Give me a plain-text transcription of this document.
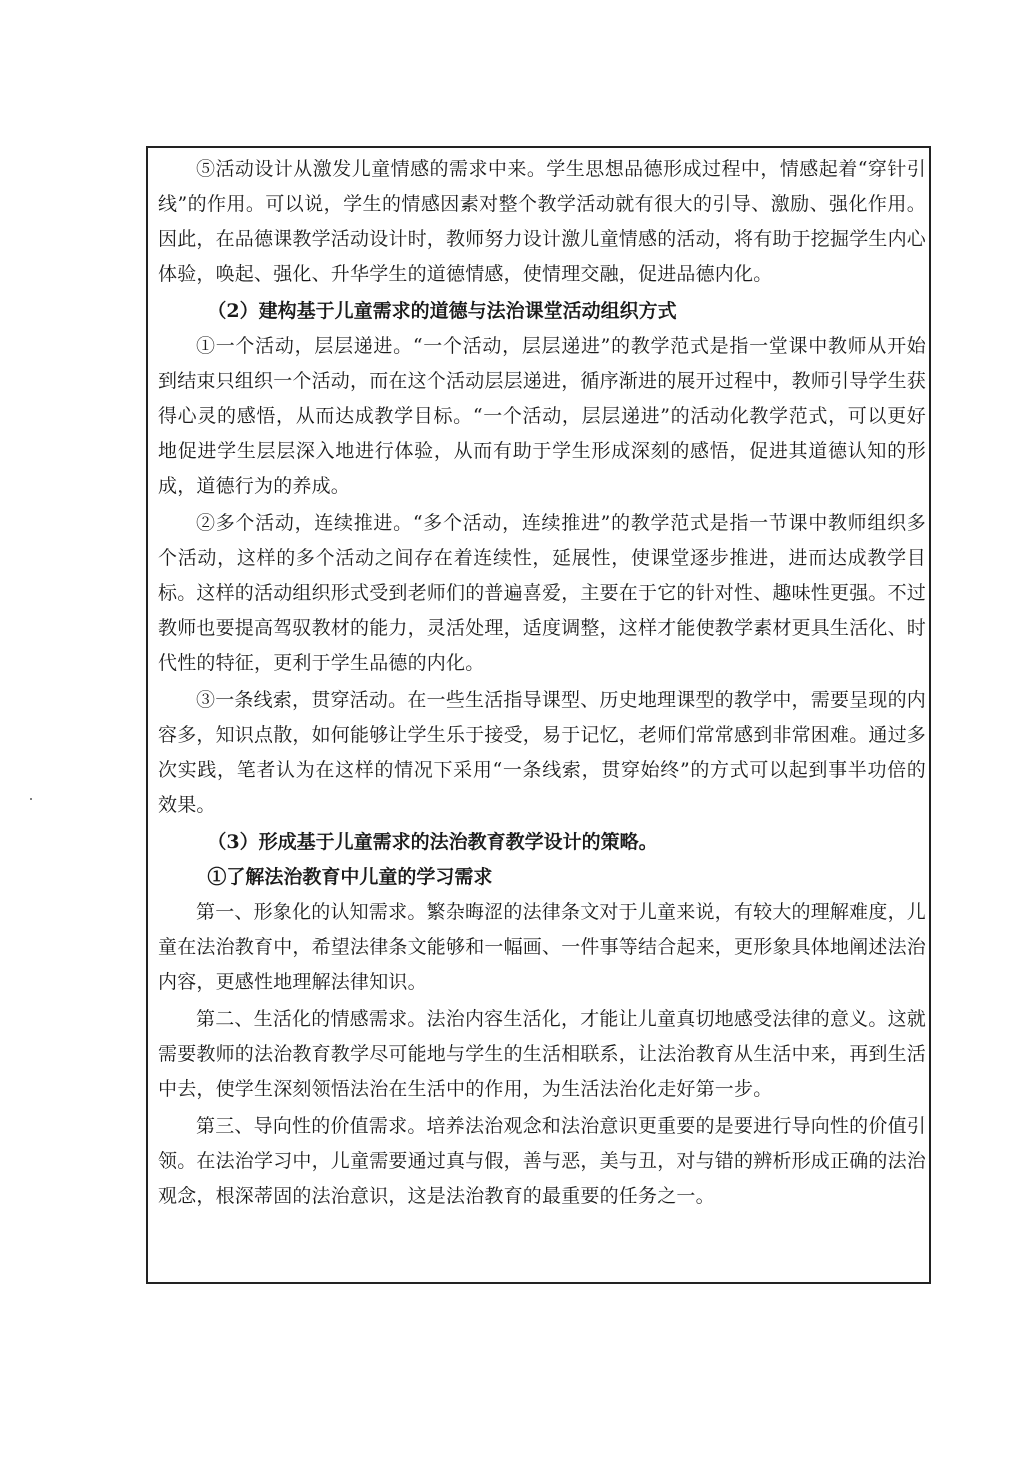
⑤活动设计从激发儿童情感的需求中来。学生思想品德形成过程中，情感起着“穿针引线”的作用。可以说，学生的情感因素对整个教学活动就有很大的引导、激励、强化作用。因此，在品德课教学活动设计时，教师努力设计激儿童情感的活动，将有助于挖掘学生内心体验，唤起、强化、升华学生的道德情感，使情理交融，促进品德内化。

（2）建构基于儿童需求的道德与法治课堂活动组织方式

①一个活动，层层递进。“一个活动，层层递进”的教学范式是指一堂课中教师从开始到结束只组织一个活动，而在这个活动层层递进，循序渐进的展开过程中，教师引导学生获得心灵的感悟，从而达成教学目标。“一个活动，层层递进”的活动化教学范式，可以更好地促进学生层层深入地进行体验，从而有助于学生形成深刻的感悟，促进其道德认知的形成，道德行为的养成。

②多个活动，连续推进。“多个活动，连续推进”的教学范式是指一节课中教师组织多个活动，这样的多个活动之间存在着连续性，延展性，使课堂逐步推进，进而达成教学目标。这样的活动组织形式受到老师们的普遍喜爱，主要在于它的针对性、趣味性更强。不过教师也要提高驾驭教材的能力，灵活处理，适度调整，这样才能使教学素材更具生活化、时代性的特征，更利于学生品德的内化。

③一条线索，贯穿活动。在一些生活指导课型、历史地理课型的教学中，需要呈现的内容多，知识点散，如何能够让学生乐于接受，易于记忆，老师们常常感到非常困难。通过多次实践，笔者认为在这样的情况下采用“一条线索，贯穿始终”的方式可以起到事半功倍的效果。

（3）形成基于儿童需求的法治教育教学设计的策略。

①了解法治教育中儿童的学习需求

第一、形象化的认知需求。繁杂晦涩的法律条文对于儿童来说，有较大的理解难度，儿童在法治教育中，希望法律条文能够和一幅画、一件事等结合起来，更形象具体地阐述法治内容，更感性地理解法律知识。

第二、生活化的情感需求。法治内容生活化，才能让儿童真切地感受法律的意义。这就需要教师的法治教育教学尽可能地与学生的生活相联系，让法治教育从生活中来，再到生活中去，使学生深刻领悟法治在生活中的作用，为生活法治化走好第一步。

第三、导向性的价值需求。培养法治观念和法治意识更重要的是要进行导向性的价值引领。在法治学习中，儿童需要通过真与假，善与恶，美与丑，对与错的辨析形成正确的法治观念，根深蒂固的法治意识，这是法治教育的最重要的任务之一。
